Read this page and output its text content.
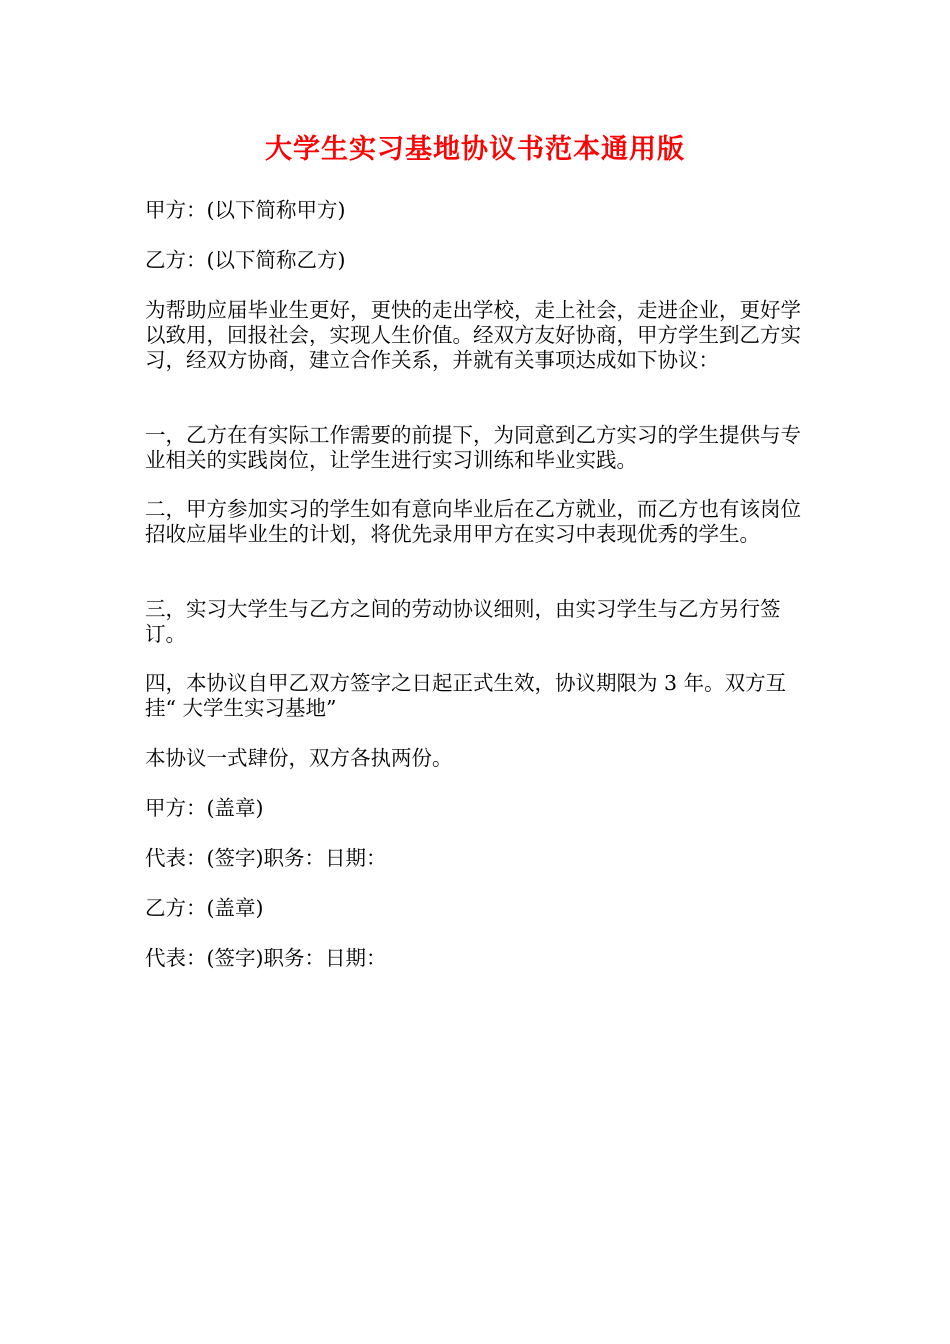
大学生实习基地协议书范本通用版

甲方：(以下简称甲方)

乙方：(以下简称乙方)

为帮助应届毕业生更好，更快的走出学校，走上社会，走进企业，更好学以致用，回报社会，实现人生价值。经双方友好协商，甲方学生到乙方实习，经双方协商，建立合作关系，并就有关事项达成如下协议：

一，乙方在有实际工作需要的前提下，为同意到乙方实习的学生提供与专业相关的实践岗位，让学生进行实习训练和毕业实践。

二，甲方参加实习的学生如有意向毕业后在乙方就业，而乙方也有该岗位招收应届毕业生的计划，将优先录用甲方在实习中表现优秀的学生。

三，实习大学生与乙方之间的劳动协议细则，由实习学生与乙方另行签订。

四，本协议自甲乙双方签字之日起正式生效，协议期限为 3 年。双方互挂“ 大学生实习基地”

本协议一式肆份，双方各执两份。

甲方：(盖章)

代表：(签字)职务：日期：

乙方：(盖章)

代表：(签字)职务：日期：
